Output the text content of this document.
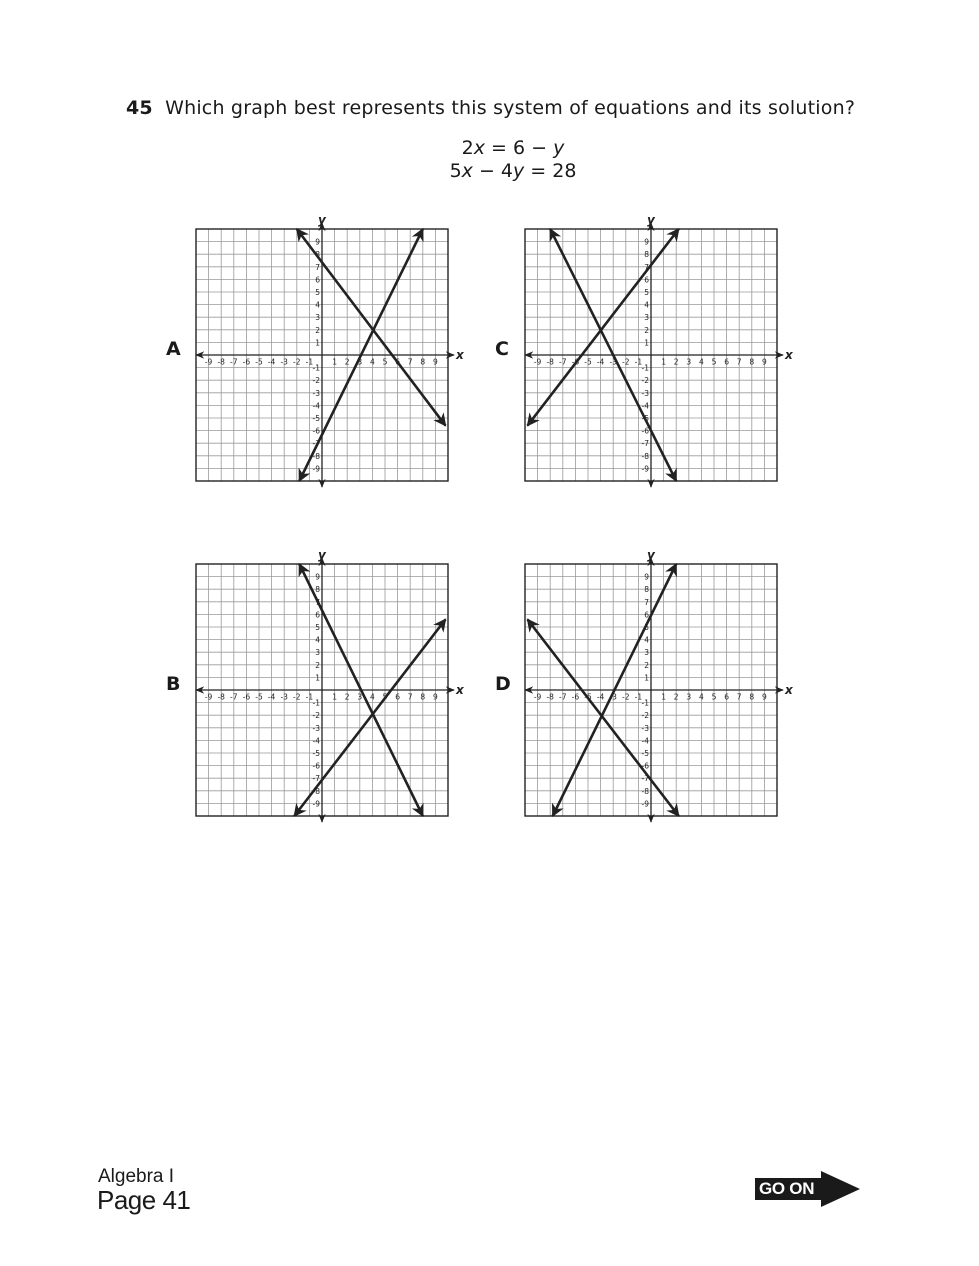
45 Which graph best represents this system of equations and its solution?
2x = 6 − y
5x − 4y = 28
A
B
C
D
x
y
-9
-9
-8
-8
-7
-7
-6
-6
-5
-5
-4
-4
-3
-3
-2
-2
-1
-1
1
1
2
2
3
3
4
4
5
5
6
6
7
7
8
8
9
9
x
y
-9
-9
-8
-8
-7
-7
-6
-6
-5
-5
-4
-4
-3
-3
-2
-2
-1
-1
1
1
2
2
3
3
4
4
5
5
6
6
7
7
8
8
9
9
x
y
-9
-9
-8
-8
-7
-7
-6
-6
-5
-5
-4
-4
-3
-3
-2
-2
-1
-1
1
1
2
2
3
3
4
4
5
5
6
6
7
7
8
8
9
9
x
y
-9
-9
-8
-8
-7
-7
-6
-6
-5
-5
-4
-4
-3
-3
-2
-2
-1
-1
1
1
2
2
3
3
4
4
5
5
6
6
7
7
8
8
9
9
Algebra I
Page 41	GO ON
